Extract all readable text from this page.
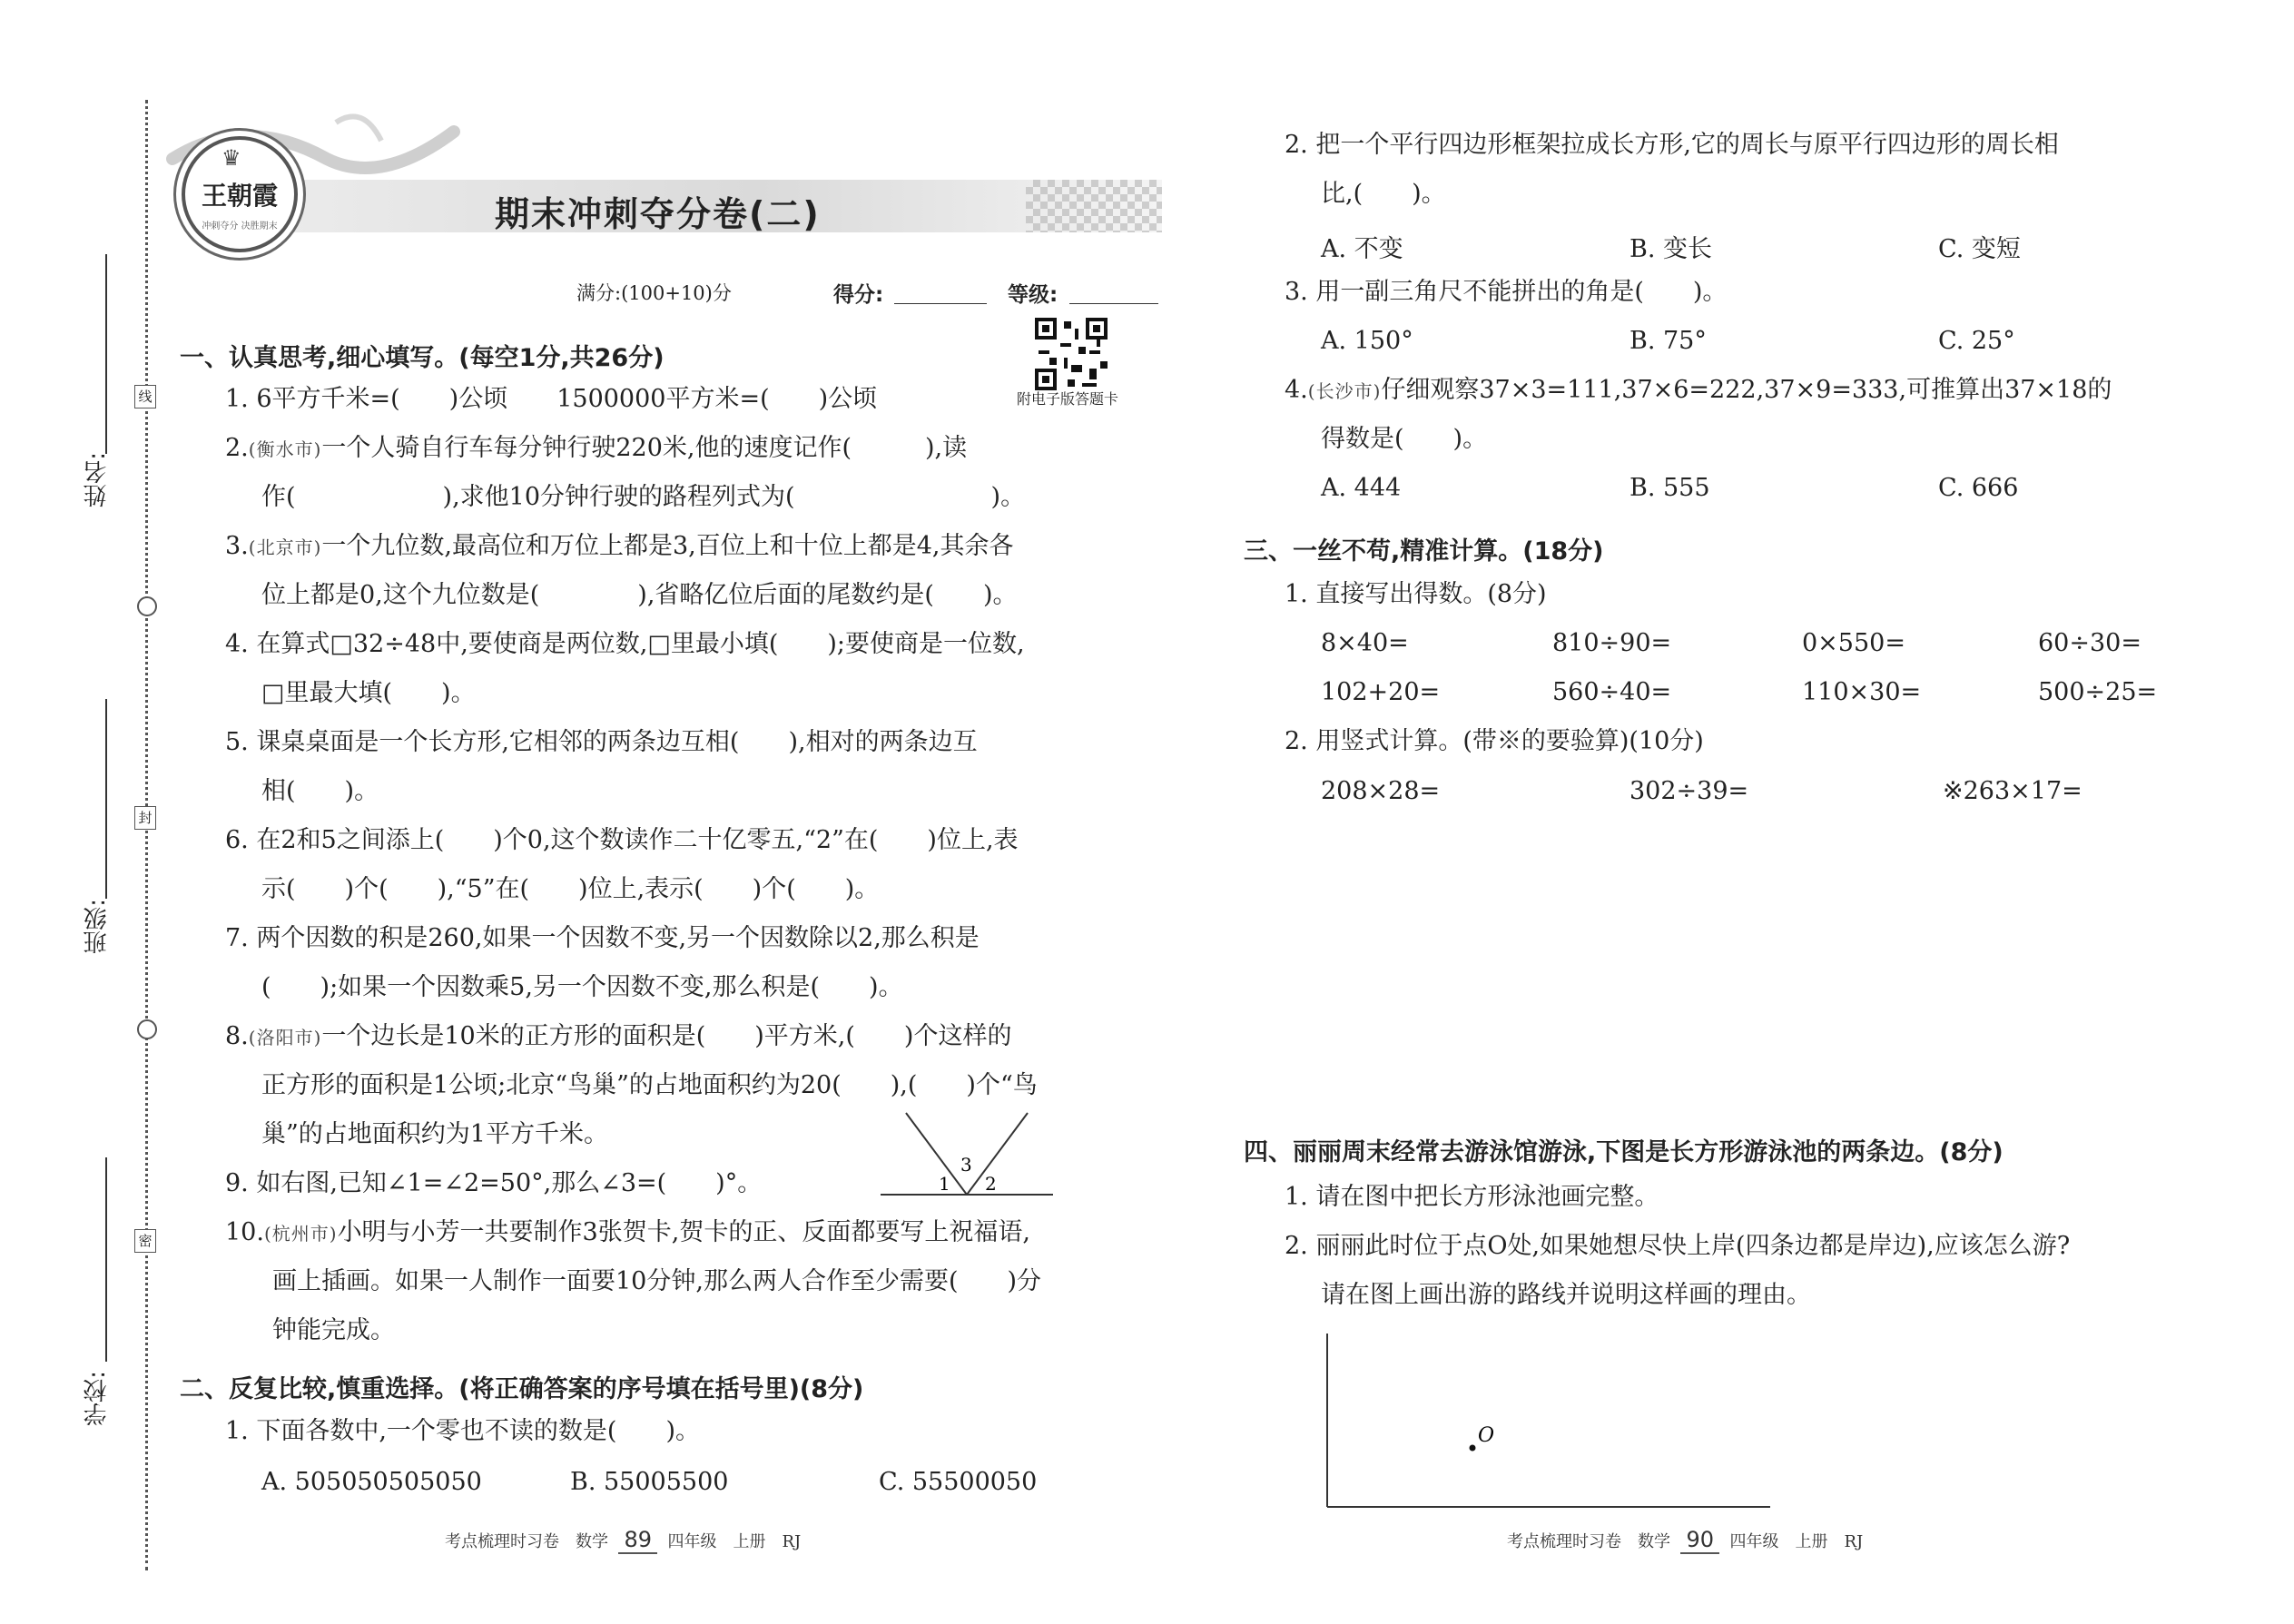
线
封
密
姓名:
班级:
学校:
♛
王朝霞
冲刺夺分 决胜期末	期末冲刺夺分卷(二)
满分:(100+10)分	得分:	等级:
附电子版答题卡
一、认真思考,细心填写。(每空1分,共26分)
1. 6平方千米=(　　)公顷　　1500000平方米=(　　)公顷
2.(衡水市)一个人骑自行车每分钟行驶220米,他的速度记作(　　　),读
作(　　　　　　),求他10分钟行驶的路程列式为(　　　　　　　　)。
3.(北京市)一个九位数,最高位和万位上都是3,百位上和十位上都是4,其余各
位上都是0,这个九位数是(　　　　),省略亿位后面的尾数约是(　　)。
4. 在算式□32÷48中,要使商是两位数,□里最小填(　　);要使商是一位数,
□里最大填(　　)。
5. 课桌桌面是一个长方形,它相邻的两条边互相(　　),相对的两条边互
相(　　)。
6. 在2和5之间添上(　　)个0,这个数读作二十亿零五,“2”在(　　)位上,表
示(　　)个(　　),“5”在(　　)位上,表示(　　)个(　　)。
7. 两个因数的积是260,如果一个因数不变,另一个因数除以2,那么积是
(　　);如果一个因数乘5,另一个因数不变,那么积是(　　)。
8.(洛阳市)一个边长是10米的正方形的面积是(　　)平方米,(　　)个这样的
正方形的面积是1公顷;北京“鸟巢”的占地面积约为20(　　),(　　)个“鸟
巢”的占地面积约为1平方千米。
9. 如右图,已知∠1=∠2=50°,那么∠3=(　　)°。	1
3
2
10.(杭州市)小明与小芳一共要制作3张贺卡,贺卡的正、反面都要写上祝福语,
画上插画。如果一人制作一面要10分钟,那么两人合作至少需要(　　)分
钟能完成。
二、反复比较,慎重选择。(将正确答案的序号填在括号里)(8分)
1. 下面各数中,一个零也不读的数是(　　)。
A. 505050505050	B. 55005500	C. 55500050
考点梳理时习卷　数学 89 四年级　上册　RJ
2. 把一个平行四边形框架拉成长方形,它的周长与原平行四边形的周长相
比,(　　)。
A. 不变	B. 变长	C. 变短
3. 用一副三角尺不能拼出的角是(　　)。
A. 150°	B. 75°	C. 25°
4.(长沙市)仔细观察37×3=111,37×6=222,37×9=333,可推算出37×18的
得数是(　　)。
A. 444	B. 555	C. 666
三、一丝不苟,精准计算。(18分)
1. 直接写出得数。(8分)
8×40=	810÷90=	0×550=	60÷30=
102+20=	560÷40=	110×30=	500÷25=
2. 用竖式计算。(带※的要验算)(10分)
208×28=	302÷39=	※263×17=
四、丽丽周末经常去游泳馆游泳,下图是长方形游泳池的两条边。(8分)
1. 请在图中把长方形泳池画完整。
2. 丽丽此时位于点O处,如果她想尽快上岸(四条边都是岸边),应该怎么游?
请在图上画出游的路线并说明这样画的理由。
O
考点梳理时习卷　数学 90 四年级　上册　RJ
